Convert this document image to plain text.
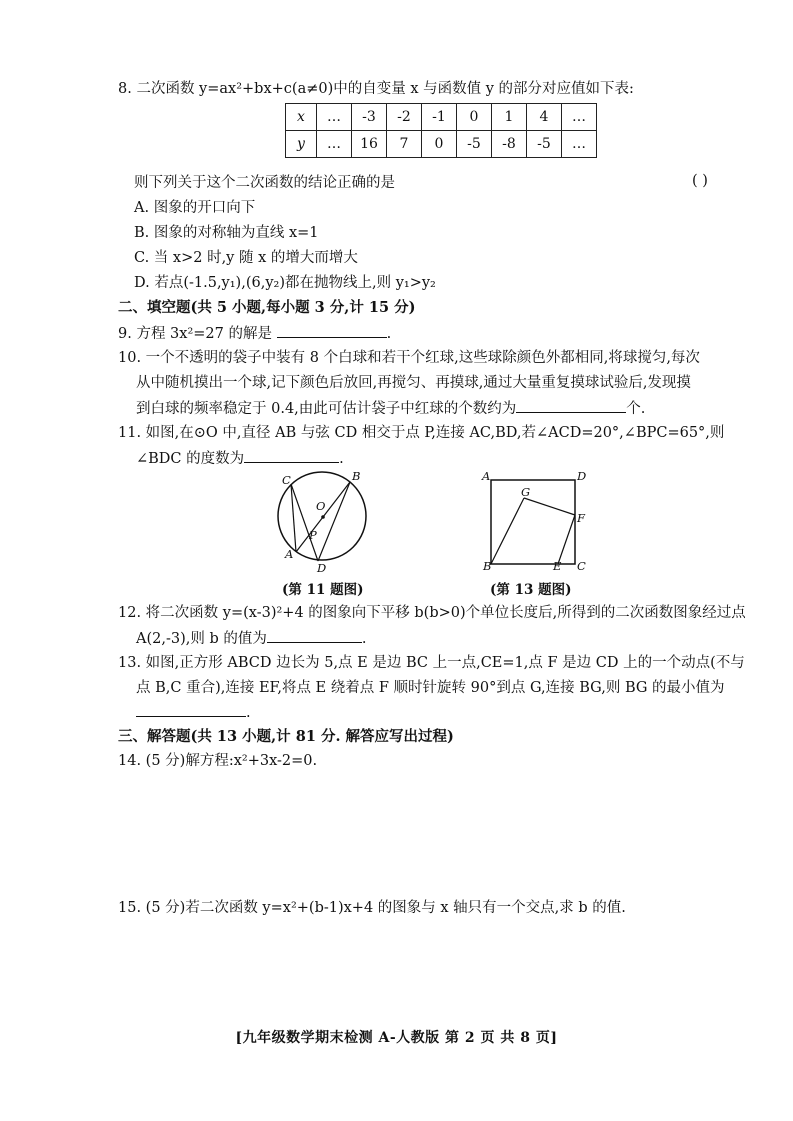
8. 二次函数 y=ax²+bx+c(a≠0)中的自变量 x 与函数值 y 的部分对应值如下表:
x	…	-3	-2	-1	0	1	4	…
y	…	16	7	0	-5	-8	-5	…
则下列关于这个二次函数的结论正确的是	( )
A. 图象的开口向下
B. 图象的对称轴为直线 x=1
C. 当 x>2 时,y 随 x 的增大而增大
D. 若点(-1.5,y₁),(6,y₂)都在抛物线上,则 y₁>y₂
二、填空题(共 5 小题,每小题 3 分,计 15 分)
9. 方程 3x²=27 的解是	.
10. 一个不透明的袋子中装有 8 个白球和若干个红球,这些球除颜色外都相同,将球搅匀,每次
从中随机摸出一个球,记下颜色后放回,再搅匀、再摸球,通过大量重复摸球试验后,发现摸
到白球的频率稳定于 0.4,由此可估计袋子中红球的个数约为	个.
11. 如图,在⊙O 中,直径 AB 与弦 CD 相交于点 P,连接 AC,BD,若∠ACD=20°,∠BPC=65°,则
∠BDC 的度数为	.
C	B
O
P
A
D
(第 11 题图)
A	D
G
F
B	E C
(第 13 题图)
12. 将二次函数 y=(x-3)²+4 的图象向下平移 b(b>0)个单位长度后,所得到的二次函数图象经过点
A(2,-3),则 b 的值为	.
13. 如图,正方形 ABCD 边长为 5,点 E 是边 BC 上一点,CE=1,点 F 是边 CD 上的一个动点(不与
点 B,C 重合),连接 EF,将点 E 绕着点 F 顺时针旋转 90°到点 G,连接 BG,则 BG 的最小值为
.
三、解答题(共 13 小题,计 81 分. 解答应写出过程)
14. (5 分)解方程:x²+3x-2=0.
15. (5 分)若二次函数 y=x²+(b-1)x+4 的图象与 x 轴只有一个交点,求 b 的值.
[九年级数学期末检测 A-人教版 第 2 页 共 8 页]
